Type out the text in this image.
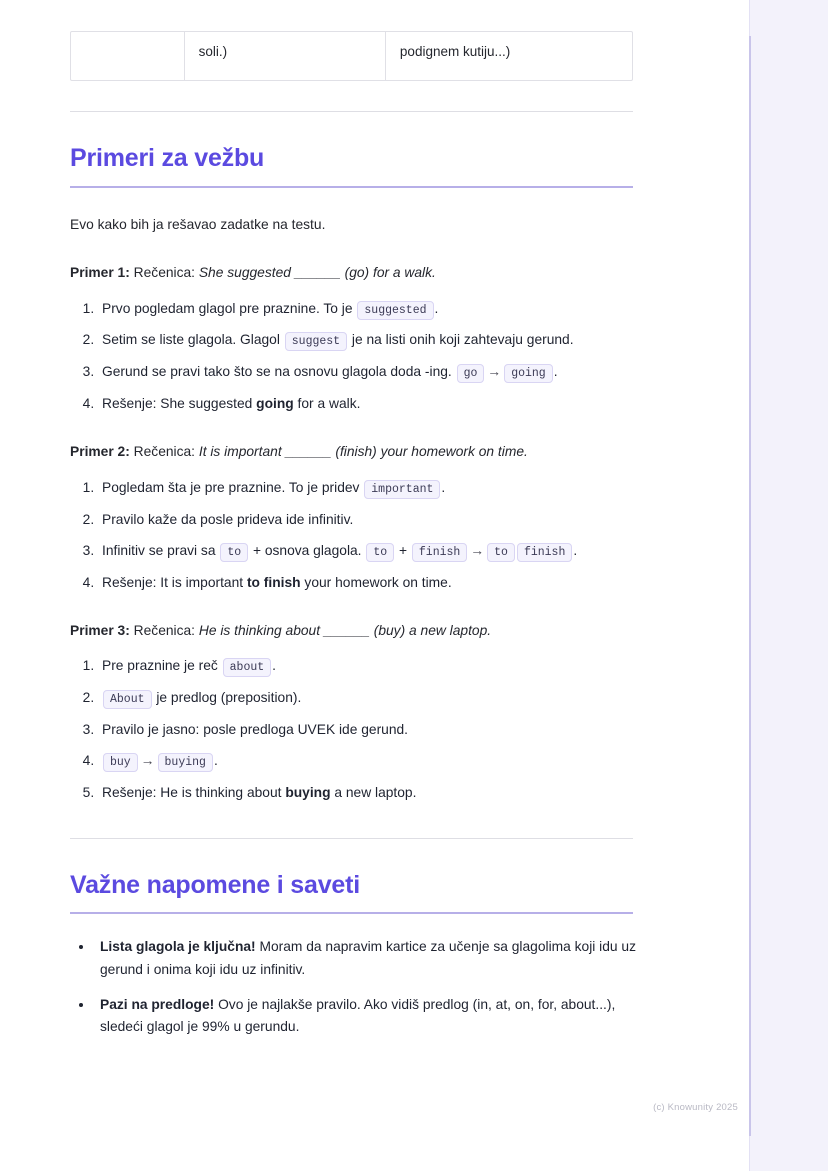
soli.)	podignem kutiju...)
Primeri za vežbu

Evo kako bih ja rešavao zadatke na testu.

Primer 1: Rečenica: She suggested ______ (go) for a walk.

1. Prvo pogledam glagol pre praznine. To je suggested .
2. Setim se liste glagola. Glagol suggest je na listi onih koji zahtevaju gerund.
3. Gerund se pravi tako što se na osnovu glagola doda -ing. go → going .
4. Rešenje: She suggested going for a walk.

Primer 2: Rečenica: It is important ______ (finish) your homework on time.

1. Pogledam šta je pre praznine. To je pridev important .
2. Pravilo kaže da posle prideva ide infinitiv.
3. Infinitiv se pravi sa to + osnova glagola. to + finish → to finish .
4. Rešenje: It is important to finish your homework on time.

Primer 3: Rečenica: He is thinking about ______ (buy) a new laptop.

1. Pre praznine je reč about .
2. About je predlog (preposition).
3. Pravilo je jasno: posle predloga UVEK ide gerund.
4. buy → buying .
5. Rešenje: He is thinking about buying a new laptop.
Važne napomene i saveti
• Lista glagola je ključna! Moram da napravim kartice za učenje sa glagolima koji idu uz gerund i onima koji idu uz infinitiv.
• Pazi na predloge! Ovo je najlakše pravilo. Ako vidiš predlog (in, at, on, for, about...), sledeći glagol je 99% u gerundu.
(c) Knowunity 2025
